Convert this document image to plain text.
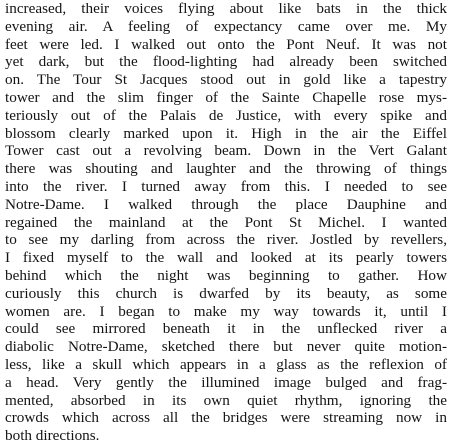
increased, their voices flying about like bats in the thick
evening air. A feeling of expectancy came over me. My
feet were led. I walked out onto the Pont Neuf. It was not
yet dark, but the flood-lighting had already been switched
on. The Tour St Jacques stood out in gold like a tapestry
tower and the slim finger of the Sainte Chapelle rose mys-
teriously out of the Palais de Justice, with every spike and
blossom clearly marked upon it. High in the air the Eiffel
Tower cast out a revolving beam. Down in the Vert Galant
there was shouting and laughter and the throwing of things
into the river. I turned away from this. I needed to see
Notre-Dame. I walked through the place Dauphine and
regained the mainland at the Pont St Michel. I wanted
to see my darling from across the river. Jostled by revellers,
I fixed myself to the wall and looked at its pearly towers
behind which the night was beginning to gather. How
curiously this church is dwarfed by its beauty, as some
women are. I began to make my way towards it, until I
could see mirrored beneath it in the unflecked river a
diabolic Notre-Dame, sketched there but never quite motion-
less, like a skull which appears in a glass as the reflexion of
a head. Very gently the illumined image bulged and frag-
mented, absorbed in its own quiet rhythm, ignoring the
crowds which across all the bridges were streaming now in
both directions.
